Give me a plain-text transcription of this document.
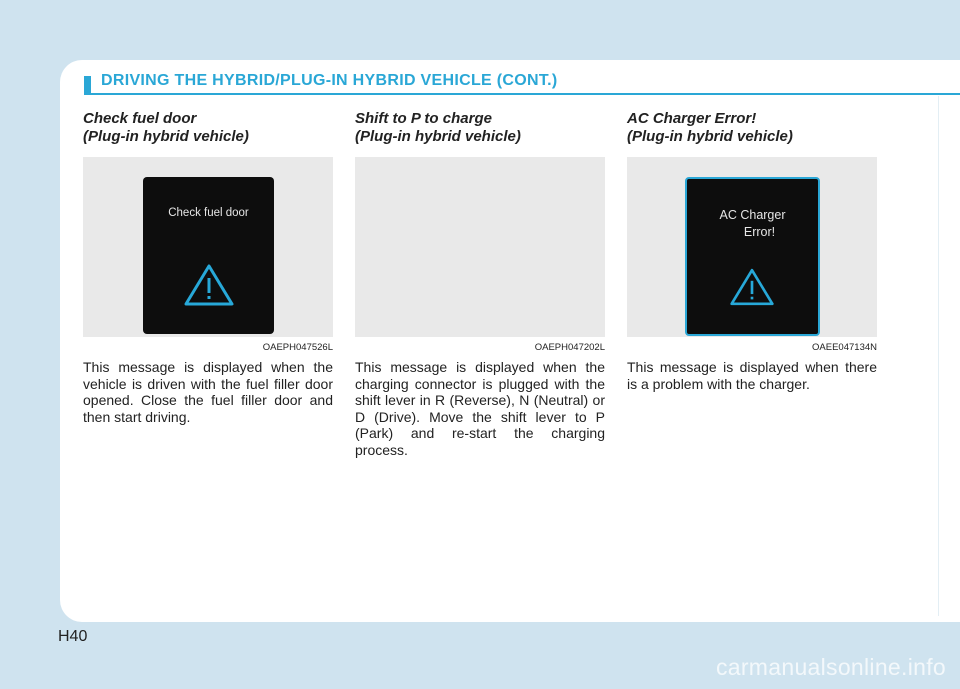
DRIVING THE HYBRID/PLUG-IN HYBRID VEHICLE (CONT.)

Check fuel door
(Plug-in hybrid vehicle)

Check fuel door
OAEPH047526L

This message is displayed when the vehicle is driven with the fuel filler door opened. Close the fuel filler door and then start driving.

Shift to P to charge
(Plug-in hybrid vehicle)

OAEPH047202L

This message is displayed when the charging connector is plugged with the shift lever in R (Reverse), N (Neutral) or D (Drive). Move the shift lever to P (Park) and re-start the charging process.

AC Charger Error!
(Plug-in hybrid vehicle)

AC Charger
Error!
OAEE047134N

This message is displayed when there is a problem with the charger.

H40
carmanualsonline.info
